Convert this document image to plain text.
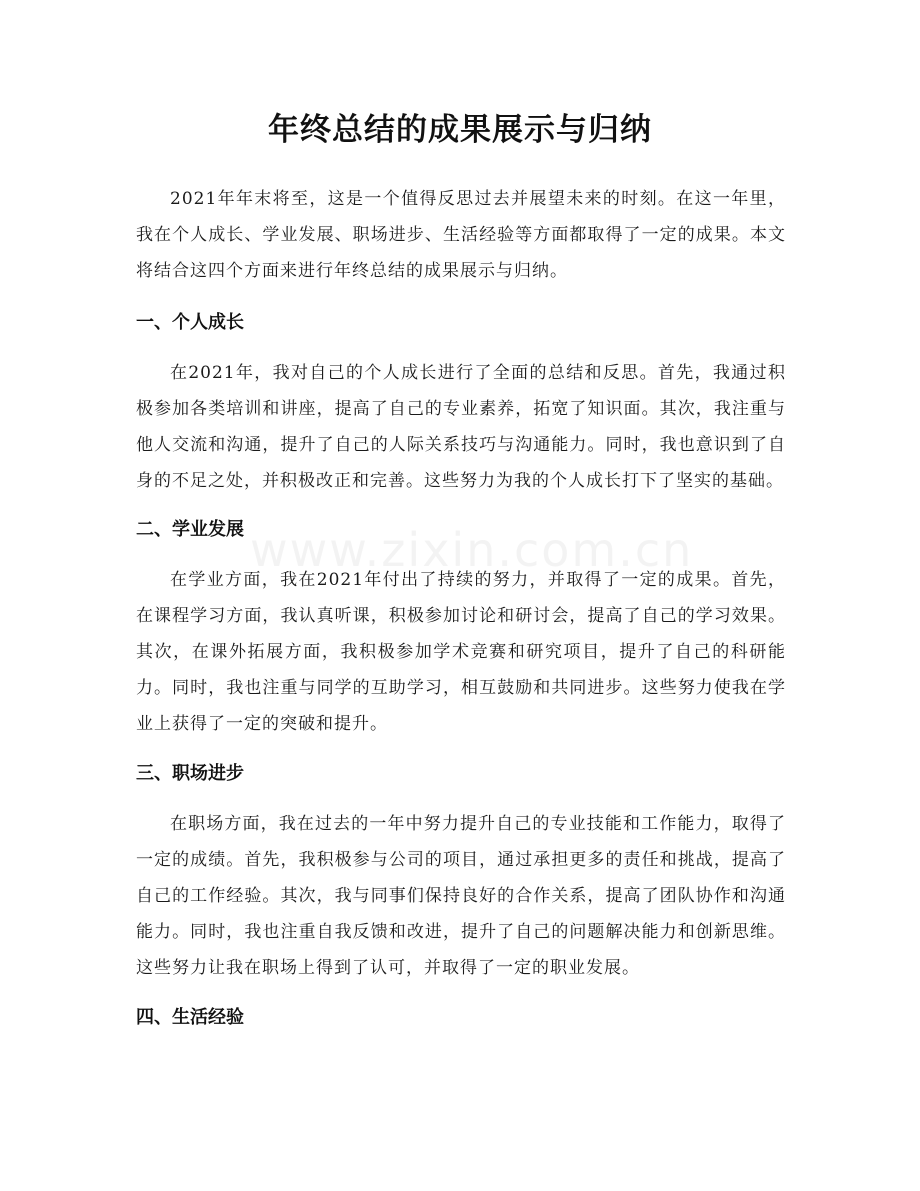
年终总结的成果展示与归纳

2021年年末将至，这是一个值得反思过去并展望未来的时刻。在这一年里，我在个人成长、学业发展、职场进步、生活经验等方面都取得了一定的成果。本文将结合这四个方面来进行年终总结的成果展示与归纳。

一、个人成长

在2021年，我对自己的个人成长进行了全面的总结和反思。首先，我通过积极参加各类培训和讲座，提高了自己的专业素养，拓宽了知识面。其次，我注重与他人交流和沟通，提升了自己的人际关系技巧与沟通能力。同时，我也意识到了自身的不足之处，并积极改正和完善。这些努力为我的个人成长打下了坚实的基础。

二、学业发展

在学业方面，我在2021年付出了持续的努力，并取得了一定的成果。首先，在课程学习方面，我认真听课，积极参加讨论和研讨会，提高了自己的学习效果。其次，在课外拓展方面，我积极参加学术竞赛和研究项目，提升了自己的科研能力。同时，我也注重与同学的互助学习，相互鼓励和共同进步。这些努力使我在学业上获得了一定的突破和提升。

三、职场进步

在职场方面，我在过去的一年中努力提升自己的专业技能和工作能力，取得了一定的成绩。首先，我积极参与公司的项目，通过承担更多的责任和挑战，提高了自己的工作经验。其次，我与同事们保持良好的合作关系，提高了团队协作和沟通能力。同时，我也注重自我反馈和改进，提升了自己的问题解决能力和创新思维。这些努力让我在职场上得到了认可，并取得了一定的职业发展。

四、生活经验
www.zixin.com.cn
